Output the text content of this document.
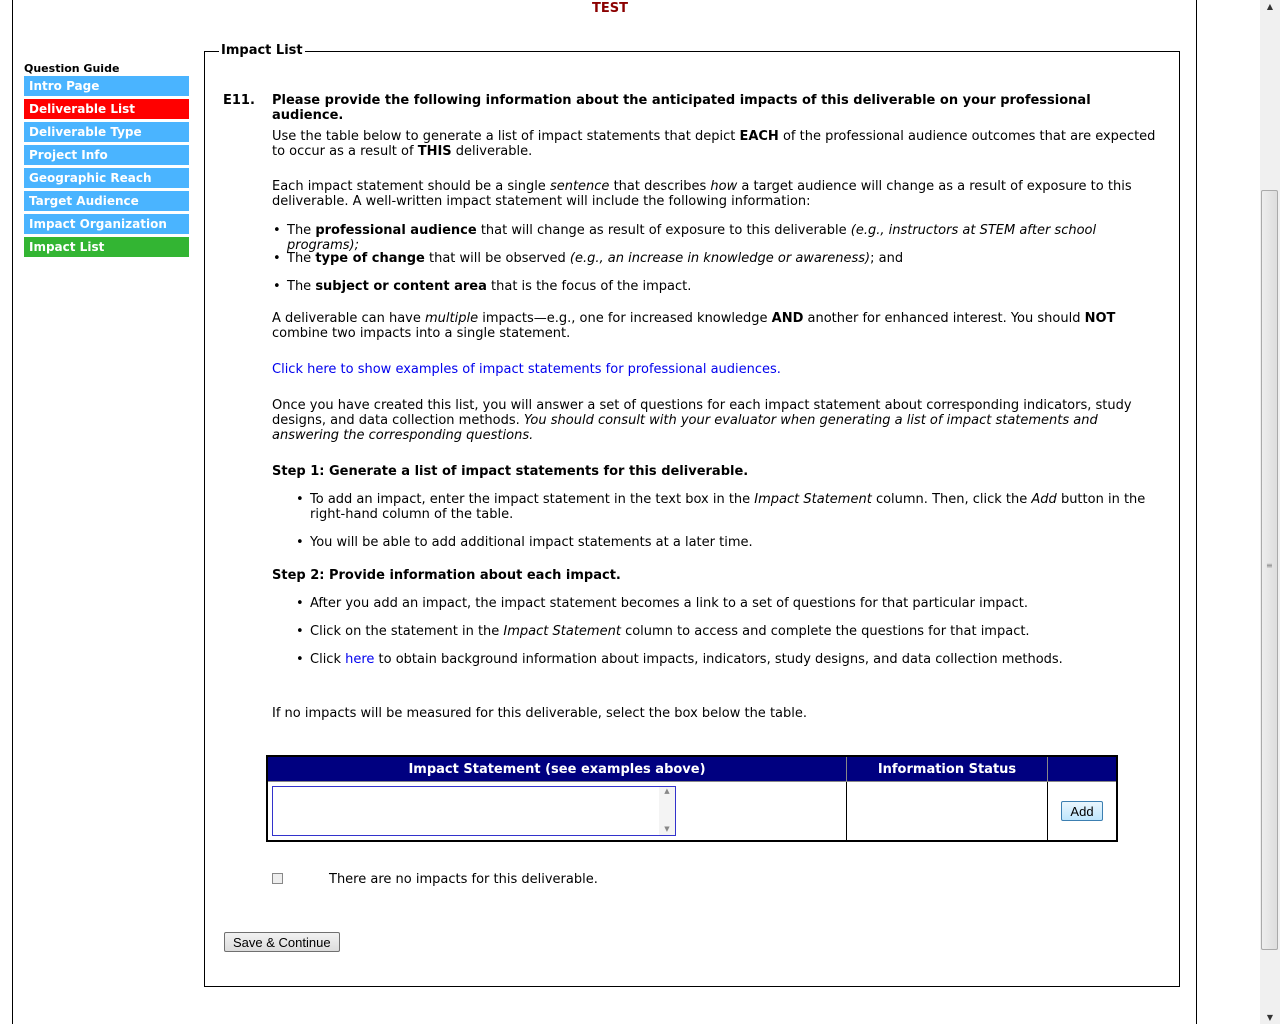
TEST
Question Guide
Intro Page
Deliverable List
Deliverable Type
Project Info
Geographic Reach
Target Audience
Impact Organization
Impact List
Impact List
E11. Please provide the following information about the anticipated impacts of this deliverable on your professional audience.
Use the table below to generate a list of impact statements that depict EACH of the professional audience outcomes that are expected to occur as a result of THIS deliverable.
Each impact statement should be a single sentence that describes how a target audience will change as a result of exposure to this deliverable. A well-written impact statement will include the following information:
• The professional audience that will change as result of exposure to this deliverable (e.g., instructors at STEM after school programs);
• The type of change that will be observed (e.g., an increase in knowledge or awareness); and
• The subject or content area that is the focus of the impact.
A deliverable can have multiple impacts—e.g., one for increased knowledge AND another for enhanced interest. You should NOT combine two impacts into a single statement.
Click here to show examples of impact statements for professional audiences.
Once you have created this list, you will answer a set of questions for each impact statement about corresponding indicators, study designs, and data collection methods. You should consult with your evaluator when generating a list of impact statements and answering the corresponding questions.
Step 1: Generate a list of impact statements for this deliverable.
• To add an impact, enter the impact statement in the text box in the Impact Statement column. Then, click the Add button in the right-hand column of the table.
• You will be able to add additional impact statements at a later time.
Step 2: Provide information about each impact.
• After you add an impact, the impact statement becomes a link to a set of questions for that particular impact.
• Click on the statement in the Impact Statement column to access and complete the questions for that impact.
• Click here to obtain background information about impacts, indicators, study designs, and data collection methods.
If no impacts will be measured for this deliverable, select the box below the table.
Impact Statement (see examples above)	Information Status	

▲
▼		Add
There are no impacts for this deliverable.
Save & Continue
▲
≡
▼
